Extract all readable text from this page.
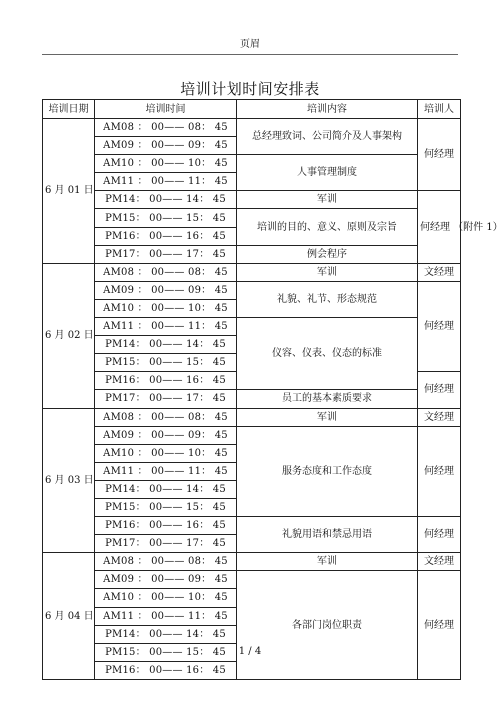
页眉
培训计划时间安排表
培训日期	培训时间	培训内容	培训人
6 月 01 日	AM08 ： 00—— 08： 45	总经理致词、公司简介及人事架构	何经理
	AM09 ： 00—— 09： 45		
	AM10 ： 00—— 10： 45	人事管理制度	
	AM11 ： 00—— 11： 45		
	PM14： 00—— 14： 45	军训	何经理 （附件 1）
	PM15： 00—— 15： 45	培训的目的、意义、原则及宗旨	
	PM16： 00—— 16： 45		
	PM17： 00—— 17： 45	例会程序	
6 月 02 日	AM08 ： 00—— 08： 45	军训	文经理
	AM09 ： 00—— 09： 45	礼貌、礼节、形态规范	何经理
	AM10 ： 00—— 10： 45		
	AM11 ： 00—— 11： 45	仪容、仪表、仪态的标准	
	PM14： 00—— 14： 45		
	PM15： 00—— 15： 45		
	PM16： 00—— 16： 45		何经理
	PM17： 00—— 17： 45	员工的基本素质要求	
6 月 03 日	AM08 ： 00—— 08： 45	军训	文经理
	AM09 ： 00—— 09： 45	服务态度和工作态度	何经理
	AM10 ： 00—— 10： 45		
	AM11 ： 00—— 11： 45		
	PM14： 00—— 14： 45		
	PM15： 00—— 15： 45		
	PM16： 00—— 16： 45	礼貌用语和禁忌用语	何经理
	PM17： 00—— 17： 45		
6 月 04 日	AM08 ： 00—— 08： 45	军训	文经理
	AM09 ： 00—— 09： 45	各部门岗位职责	何经理
	AM10 ： 00—— 10： 45		
	AM11 ： 00—— 11： 45		
	PM14： 00—— 14： 45		
	PM15： 00—— 15： 45		
	PM16： 00—— 16： 45		
1 / 4
